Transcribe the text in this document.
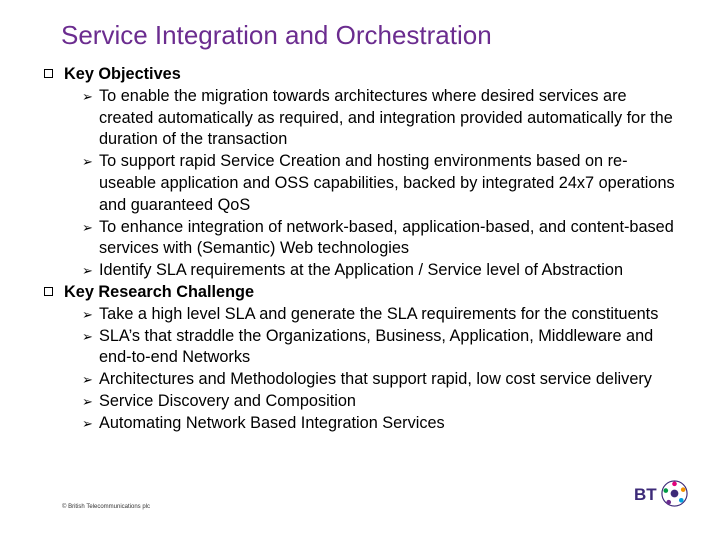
Service Integration and Orchestration
Key Objectives
➢ To enable the migration towards architectures where desired services are created automatically as required, and integration provided automatically for the duration of the transaction
➢ To support rapid Service Creation and hosting environments based on re-useable application and OSS capabilities, backed by integrated 24x7 operations and guaranteed QoS
➢ To enhance integration of network-based, application-based, and content-based services with (Semantic) Web technologies
➢ Identify SLA requirements at the Application / Service level of Abstraction
Key Research Challenge
➢ Take a high level SLA and generate the SLA requirements for the constituents
➢ SLA’s that straddle the Organizations, Business, Application, Middleware and end-to-end Networks
➢ Architectures and Methodologies that support rapid, low cost service delivery
➢ Service Discovery and Composition
➢ Automating Network Based Integration Services
© British Telecommunications plc
BT
